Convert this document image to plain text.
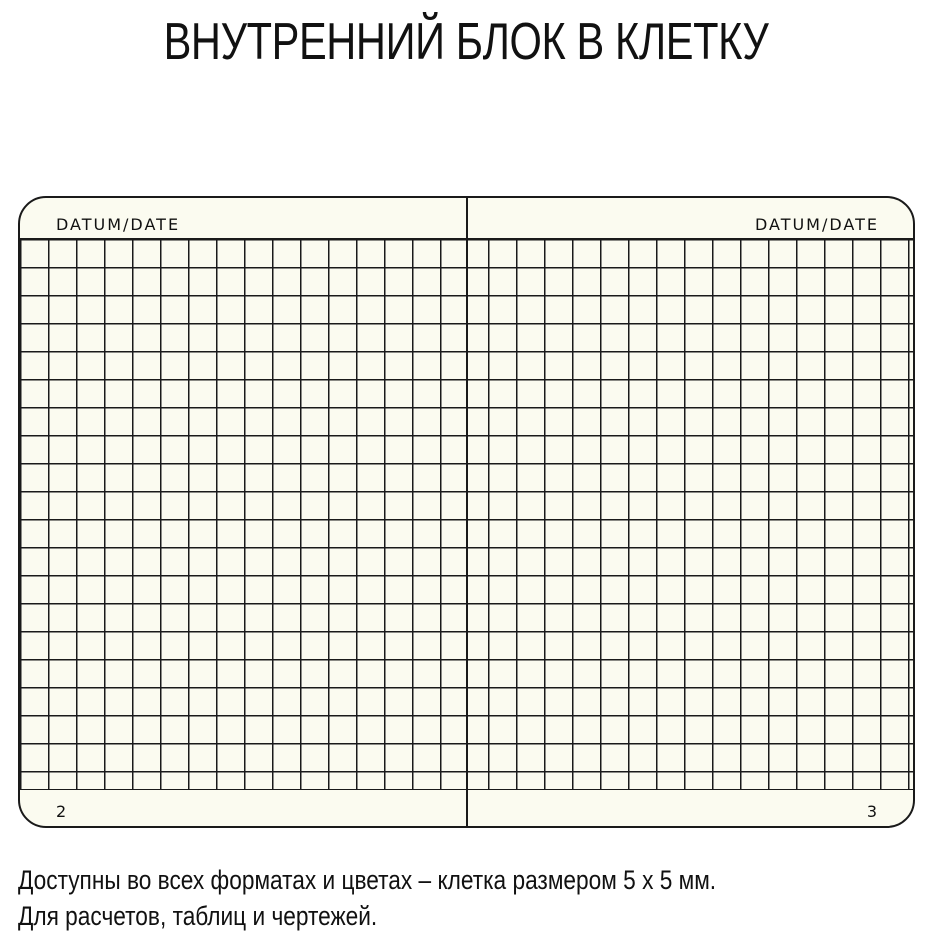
ВНУТРЕННИЙ БЛОК В КЛЕТКУ
DATUM/DATE
2
DATUM/DATE
3

Доступны во всех форматах и цветах – клетка размером 5 х 5 мм.
Для расчетов, таблиц и чертежей.
